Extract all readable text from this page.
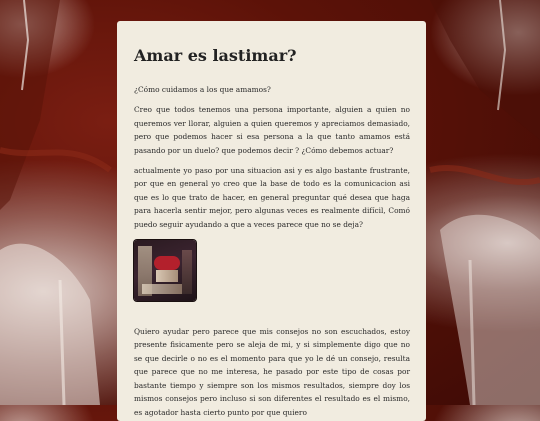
Amar es lastimar?

¿Cómo cuidamos a los que amamos?

Creo que todos tenemos una persona importante, alguien a quien no queremos ver llorar, alguien a quien queremos y apreciamos demasiado, pero que podemos hacer si esa persona a la que tanto amamos está pasando por un duelo? que podemos decir ? ¿Cómo debemos actuar?

actualmente yo paso por una situacion asi y es algo bastante frustrante, por que en general yo creo que la base de todo es la comunicacion asi que es lo que trato de hacer, en general preguntar qué desea que haga para hacerla sentir mejor, pero algunas veces es realmente difícil, Comó puedo seguir ayudando a que a veces parece que no se deja?

Quiero ayudar pero parece que mis consejos no son escuchados, estoy presente fisicamente pero se aleja de mi, y si simplemente digo que no se que decirle o no es el momento para que yo le dé un consejo, resulta que parece que no me interesa, he pasado por este tipo de cosas por bastante tiempo y siempre son los mismos resultados, siempre doy los mismos consejos pero incluso si son diferentes el resultado es el mismo, es agotador hasta cierto punto por que quiero
